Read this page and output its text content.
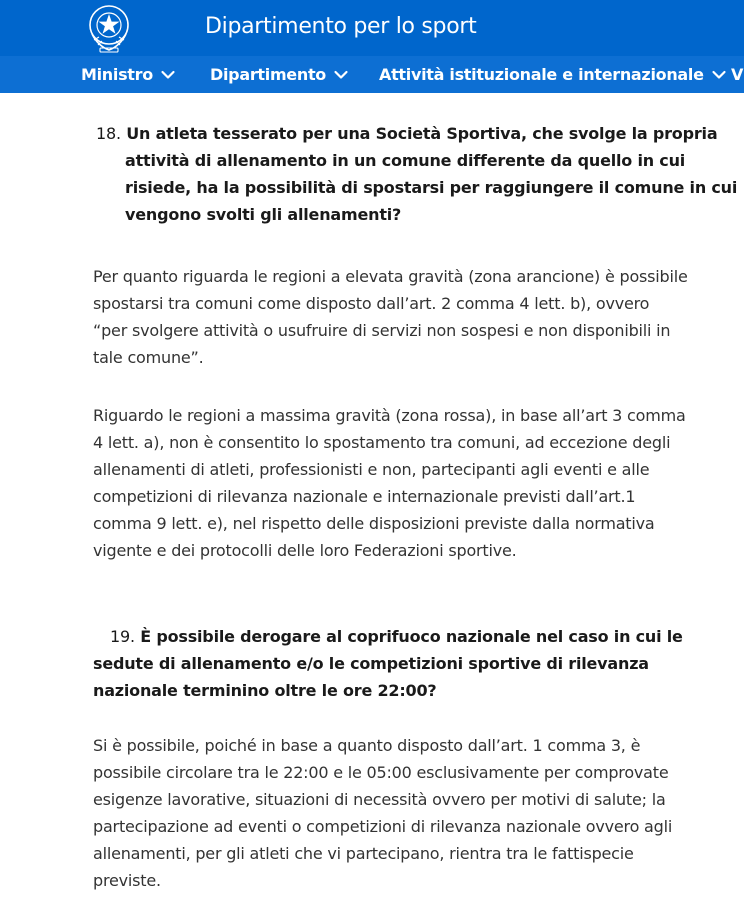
Dipartimento per lo sport
Ministro	Dipartimento	Attività istituzionale e internazionale Vi
18. Un atleta tesserato per una Società Sportiva, che svolge la propria
attività di allenamento in un comune differente da quello in cui
risiede, ha la possibilità di spostarsi per raggiungere il comune in cui
vengono svolti gli allenamenti?
Per quanto riguarda le regioni a elevata gravità (zona arancione) è possibile
spostarsi tra comuni come disposto dall’art. 2 comma 4 lett. b), ovvero
“per svolgere attività o usufruire di servizi non sospesi e non disponibili in
tale comune”.
Riguardo le regioni a massima gravità (zona rossa), in base all’art 3 comma
4 lett. a), non è consentito lo spostamento tra comuni, ad eccezione degli
allenamenti di atleti, professionisti e non, partecipanti agli eventi e alle
competizioni di rilevanza nazionale e internazionale previsti dall’art.1
comma 9 lett. e), nel rispetto delle disposizioni previste dalla normativa
vigente e dei protocolli delle loro Federazioni sportive.
19. È possibile derogare al coprifuoco nazionale nel caso in cui le
sedute di allenamento e/o le competizioni sportive di rilevanza
nazionale terminino oltre le ore 22:00?
Si è possibile, poiché in base a quanto disposto dall’art. 1 comma 3, è
possibile circolare tra le 22:00 e le 05:00 esclusivamente per comprovate
esigenze lavorative, situazioni di necessità ovvero per motivi di salute; la
partecipazione ad eventi o competizioni di rilevanza nazionale ovvero agli
allenamenti, per gli atleti che vi partecipano, rientra tra le fattispecie
previste.
